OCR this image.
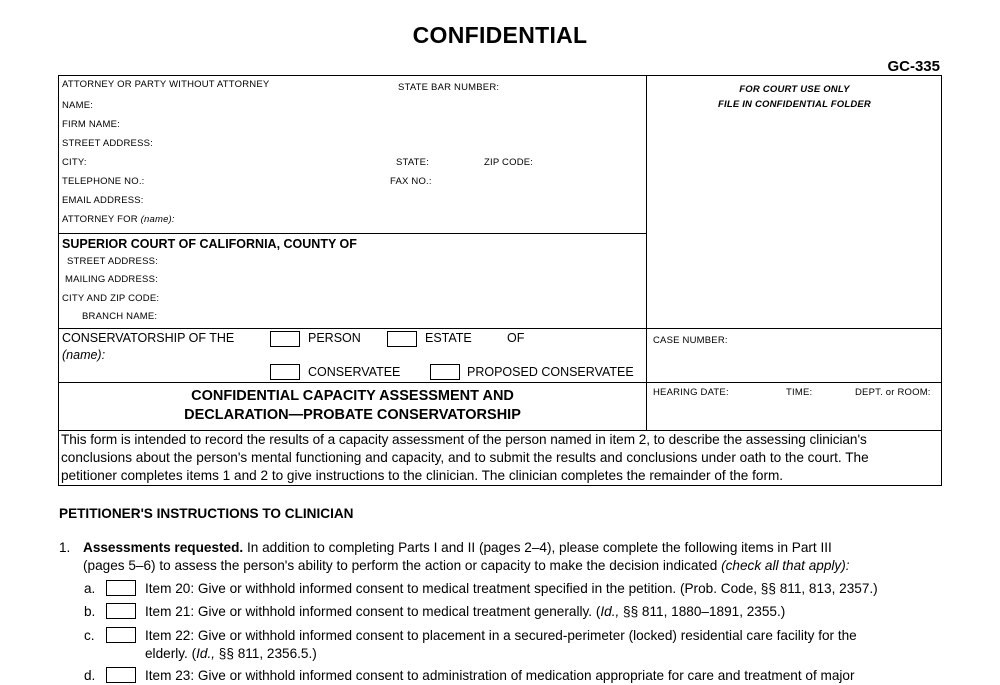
CONFIDENTIAL
GC-335
ATTORNEY OR PARTY WITHOUT ATTORNEY	STATE BAR NUMBER:
NAME:
FIRM NAME:
STREET ADDRESS:
CITY:	STATE:	ZIP CODE:
TELEPHONE NO.:	FAX NO.:
EMAIL ADDRESS:
ATTORNEY FOR (name):
FOR COURT USE ONLY
FILE IN CONFIDENTIAL FOLDER
SUPERIOR COURT OF CALIFORNIA, COUNTY OF
STREET ADDRESS:
MAILING ADDRESS:
CITY AND ZIP CODE:
BRANCH NAME:
CONSERVATORSHIP OF THE	PERSON	ESTATE	OF
(name):
CONSERVATEE	PROPOSED CONSERVATEE
CASE NUMBER:
CONFIDENTIAL CAPACITY ASSESSMENT AND
DECLARATION—PROBATE CONSERVATORSHIP
HEARING DATE:	TIME:	DEPT. or ROOM:
This form is intended to record the results of a capacity assessment of the person named in item 2, to describe the assessing clinician's
conclusions about the person's mental functioning and capacity, and to submit the results and conclusions under oath to the court. The
petitioner completes items 1 and 2 to give instructions to the clinician. The clinician completes the remainder of the form.
PETITIONER'S INSTRUCTIONS TO CLINICIAN
1. Assessments requested. In addition to completing Parts I and II (pages 2–4), please complete the following items in Part III
(pages 5–6) to assess the person's ability to perform the action or capacity to make the decision indicated (check all that apply):
a.	Item 20: Give or withhold informed consent to medical treatment specified in the petition. (Prob. Code, §§ 811, 813, 2357.)
b.	Item 21: Give or withhold informed consent to medical treatment generally. (Id., §§ 811, 1880–1891, 2355.)
c.	Item 22: Give or withhold informed consent to placement in a secured-perimeter (locked) residential care facility for the
elderly. (Id., §§ 811, 2356.5.)
d.	Item 23: Give or withhold informed consent to administration of medication appropriate for care and treatment of major
